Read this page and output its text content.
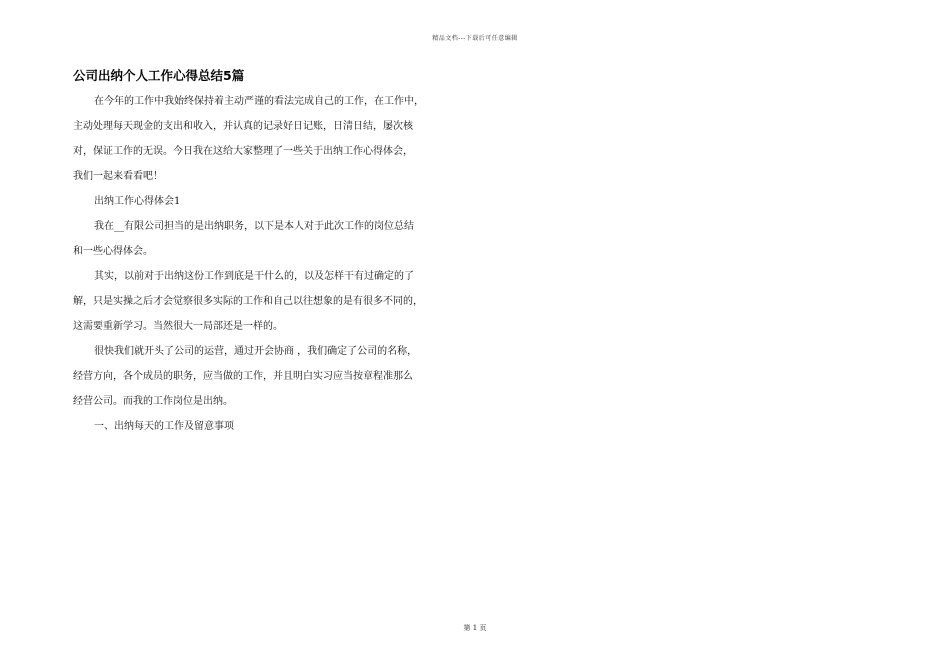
精品文档---下载后可任意编辑
公司出纳个人工作心得总结5篇
在今年的工作中我始终保持着主动严谨的看法完成自己的工作，在工作中，
主动处理每天现金的支出和收入，并认真的记录好日记账，日清日结，屡次核
对，保证工作的无误。今日我在这给大家整理了一些关于出纳工作心得体会，
我们一起来看看吧！
出纳工作心得体会1
我在__有限公司担当的是出纳职务，以下是本人对于此次工作的岗位总结
和一些心得体会。
其实，以前对于出纳这份工作到底是干什么的，以及怎样干有过确定的了
解，只是实操之后才会觉察很多实际的工作和自己以往想象的是有很多不同的，
这需要重新学习。当然很大一局部还是一样的。
很快我们就开头了公司的运营，通过开会协商 ，我们确定了公司的名称，
经营方向，各个成员的职务，应当做的工作，并且明白实习应当按章程准那么
经营公司。而我的工作岗位是出纳。
一、出纳每天的工作及留意事项
第 1 页
